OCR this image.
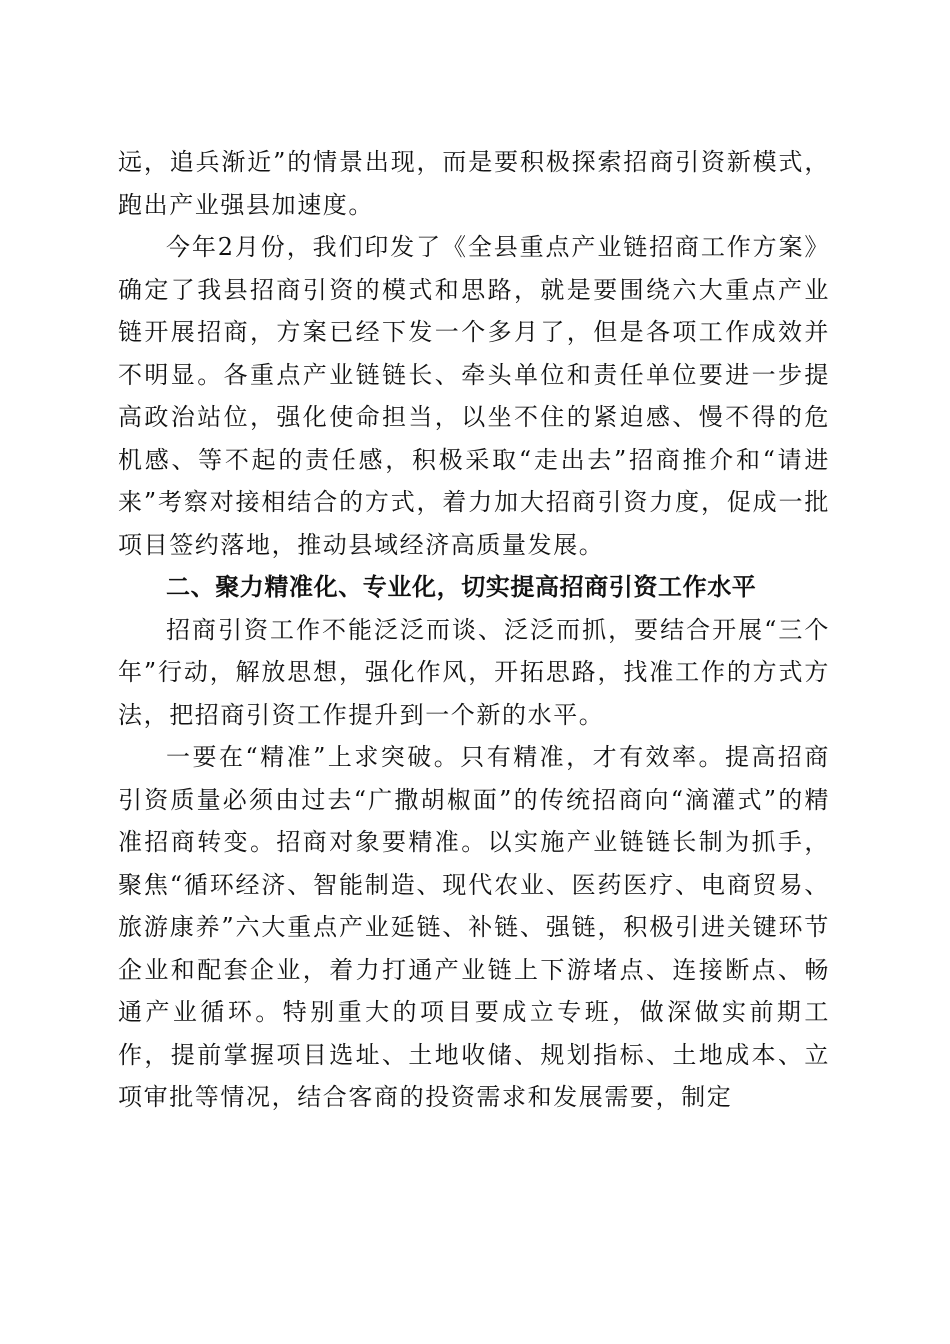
远，追兵渐近”的情景出现，而是要积极探索招商引资新模式，跑出产业强县加速度。

今年2月份，我们印发了《全县重点产业链招商工作方案》确定了我县招商引资的模式和思路，就是要围绕六大重点产业链开展招商，方案已经下发一个多月了，但是各项工作成效并不明显。各重点产业链链长、牵头单位和责任单位要进一步提高政治站位，强化使命担当，以坐不住的紧迫感、慢不得的危机感、等不起的责任感，积极采取“走出去”招商推介和“请进来”考察对接相结合的方式，着力加大招商引资力度，促成一批项目签约落地，推动县域经济高质量发展。

二、聚力精准化、专业化，切实提高招商引资工作水平

招商引资工作不能泛泛而谈、泛泛而抓，要结合开展“三个年”行动，解放思想，强化作风，开拓思路，找准工作的方式方法，把招商引资工作提升到一个新的水平。

一要在“精准”上求突破。只有精准，才有效率。提高招商引资质量必须由过去“广撒胡椒面”的传统招商向“滴灌式”的精准招商转变。招商对象要精准。以实施产业链链长制为抓手，聚焦“循环经济、智能制造、现代农业、医药医疗、电商贸易、旅游康养”六大重点产业延链、补链、强链，积极引进关键环节企业和配套企业，着力打通产业链上下游堵点、连接断点、畅通产业循环。特别重大的项目要成立专班，做深做实前期工作，提前掌握项目选址、土地收储、规划指标、土地成本、立项审批等情况，结合客商的投资需求和发展需要，制定
